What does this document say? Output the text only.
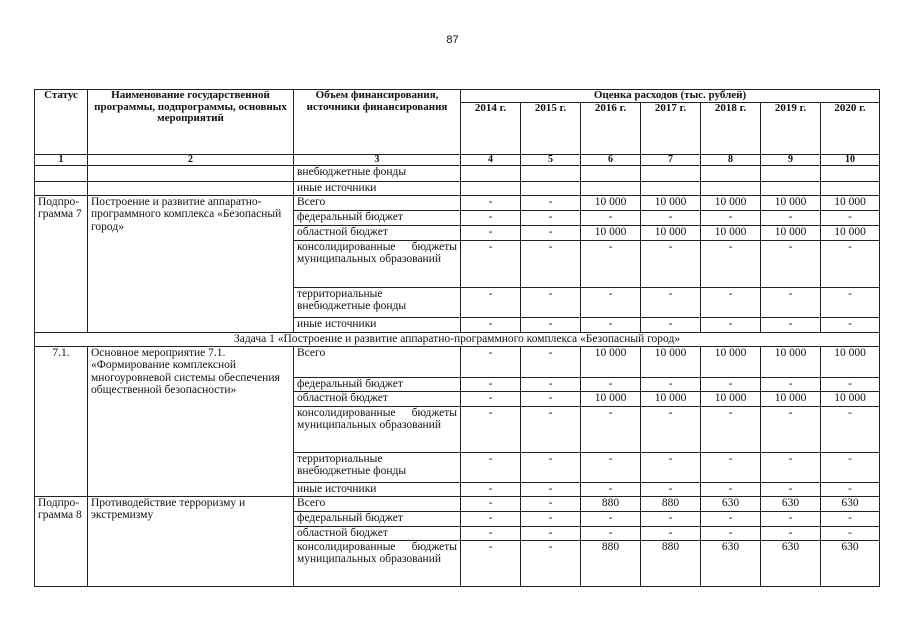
87
Статус	Наименование государственной программы, подпрограммы, основных мероприятий	Объем финансирования, источники финансирования	Оценка расходов (тыс. рублей)						
			2014 г.	2015 г.	2016 г.	2017 г.	2018 г.	2019 г.	2020 г.
1	2	3	4	5	6	7	8	9	10
		внебюджетные фонды							
		иные источники							
Подпро-грамма 7	Построение и развитие аппаратно-программного комплекса «Безопасный город»	Всего	-	-	10 000	10 000	10 000	10 000	10 000
		федеральный бюджет	-	-	-	-	-	-	-
		областной бюджет	-	-	10 000	10 000	10 000	10 000	10 000
		консолидированные бюджеты муниципальных образований	-	-	-	-	-	-	-
		территориальные внебюджетные фонды	-	-	-	-	-	-	-
		иные источники	-	-	-	-	-	-	-
Задача 1 «Построение и развитие аппаратно-программного комплекса «Безопасный город»									
7.1.	Основное мероприятие 7.1. «Формирование комплексной многоуровневой системы обеспечения общественной безопасности»	Всего	-	-	10 000	10 000	10 000	10 000	10 000
		федеральный бюджет	-	-	-	-	-	-	-
		областной бюджет	-	-	10 000	10 000	10 000	10 000	10 000
		консолидированные бюджеты муниципальных образований	-	-	-	-	-	-	-
		территориальные внебюджетные фонды	-	-	-	-	-	-	-
		иные источники	-	-	-	-	-	-	-
Подпро-грамма 8	Противодействие терроризму и экстремизму	Всего	-	-	880	880	630	630	630
		федеральный бюджет	-	-	-	-	-	-	-
		областной бюджет	-	-	-	-	-	-	-
		консолидированные бюджеты муниципальных образований	-	-	880	880	630	630	630
